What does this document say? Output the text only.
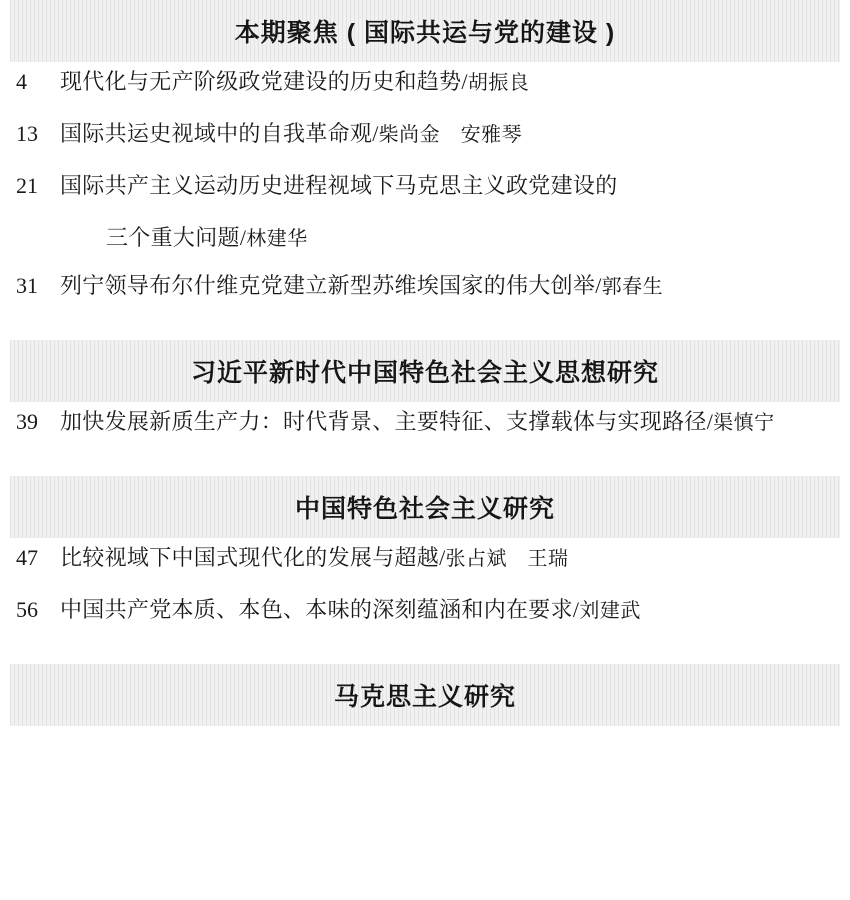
本期聚焦 ( 国际共运与党的建设 )
4	现代化与无产阶级政党建设的历史和趋势/胡振良
13	国际共运史视域中的自我革命观/柴尚金　安雅琴
21	国际共产主义运动历史进程视域下马克思主义政党建设的
三个重大问题/林建华
31	列宁领导布尔什维克党建立新型苏维埃国家的伟大创举/郭春生
习近平新时代中国特色社会主义思想研究
39	加快发展新质生产力：时代背景、主要特征、支撑载体与实现路径/渠慎宁
中国特色社会主义研究
47	比较视域下中国式现代化的发展与超越/张占斌　王瑞
56	中国共产党本质、本色、本味的深刻蕴涵和内在要求/刘建武
马克思主义研究
